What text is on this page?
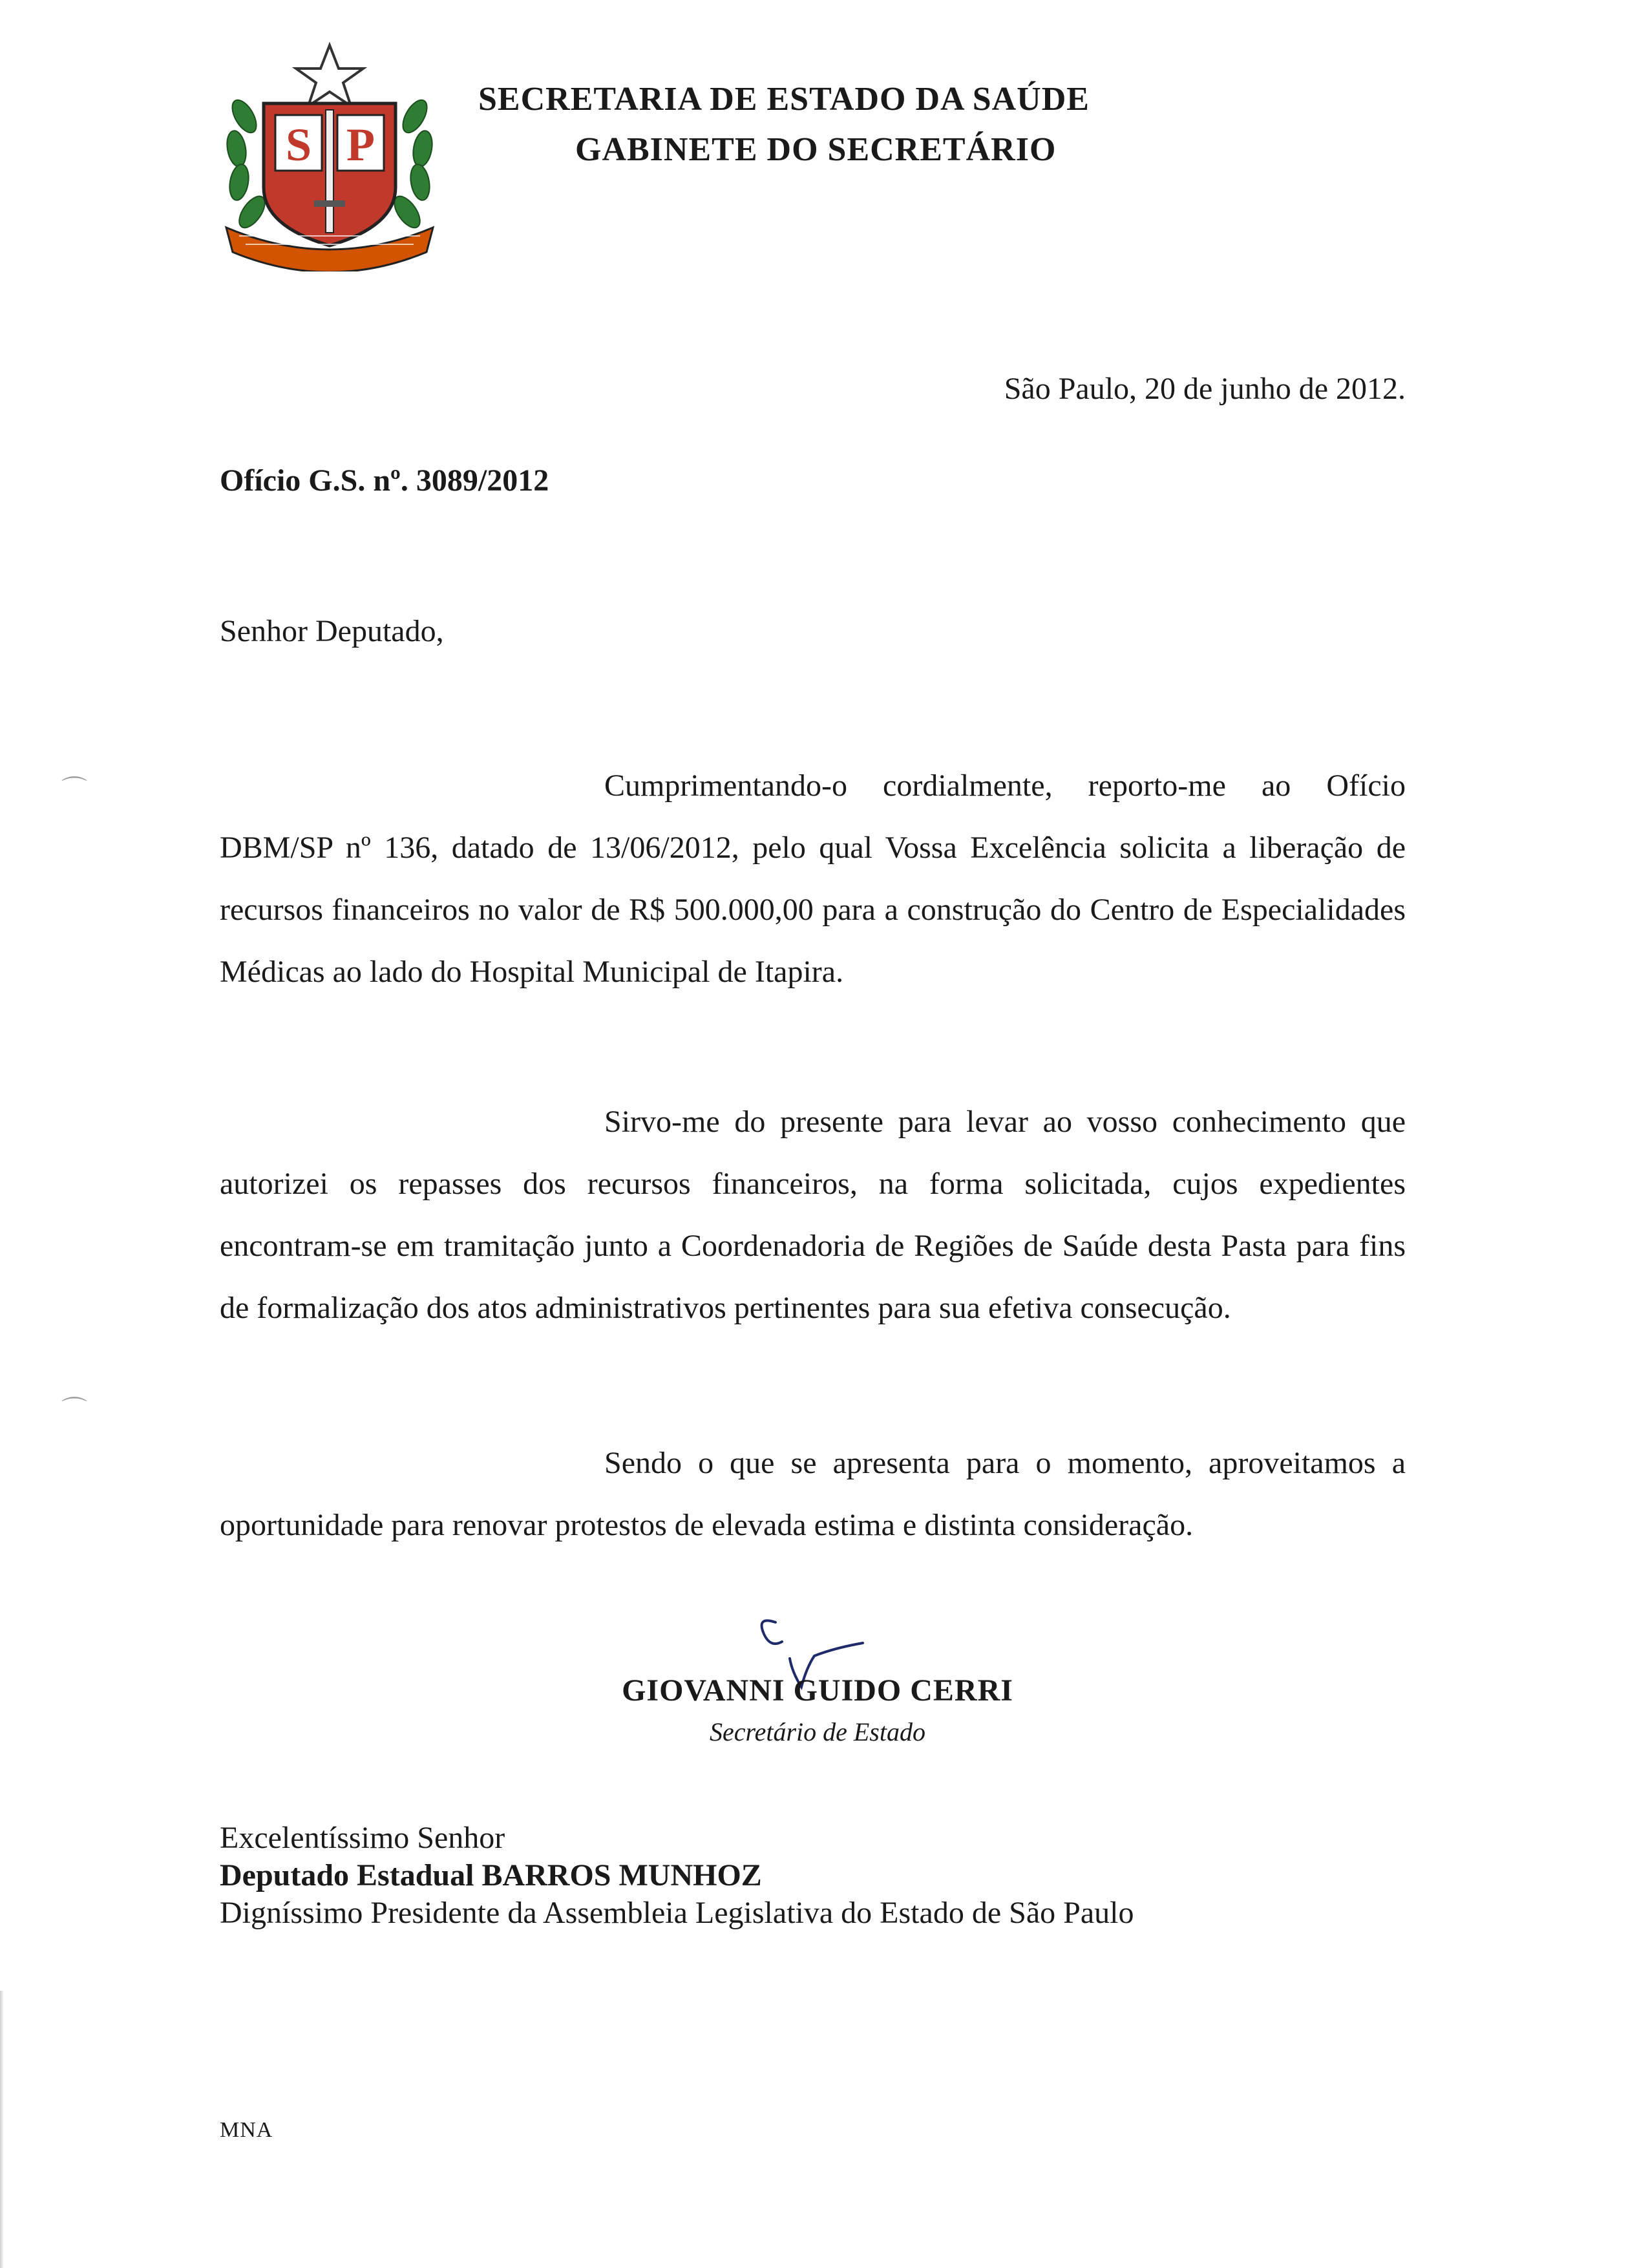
⌒
⌒
S P
SECRETARIA DE ESTADO DA SAÚDE
GABINETE DO SECRETÁRIO
São Paulo, 20 de junho de 2012.
Ofício G.S. nº. 3089/2012
Senhor Deputado,
Cumprimentando-o cordialmente, reporto-me ao Ofício DBM/SP nº 136, datado de 13/06/2012, pelo qual Vossa Excelência solicita a liberação de recursos financeiros no valor de R$ 500.000,00 para a construção do Centro de Especialidades Médicas ao lado do Hospital Municipal de Itapira.
Sirvo-me do presente para levar ao vosso conhecimento que autorizei os repasses dos recursos financeiros, na forma solicitada, cujos expedientes encontram-se em tramitação junto a Coordenadoria de Regiões de Saúde desta Pasta para fins de formalização dos atos administrativos pertinentes para sua efetiva consecução.
Sendo o que se apresenta para o momento, aproveitamos a oportunidade para renovar protestos de elevada estima e distinta consideração.
GIOVANNI GUIDO CERRI
Secretário de Estado
Excelentíssimo Senhor
Deputado Estadual BARROS MUNHOZ
Digníssimo Presidente da Assembleia Legislativa do Estado de São Paulo
MNA
